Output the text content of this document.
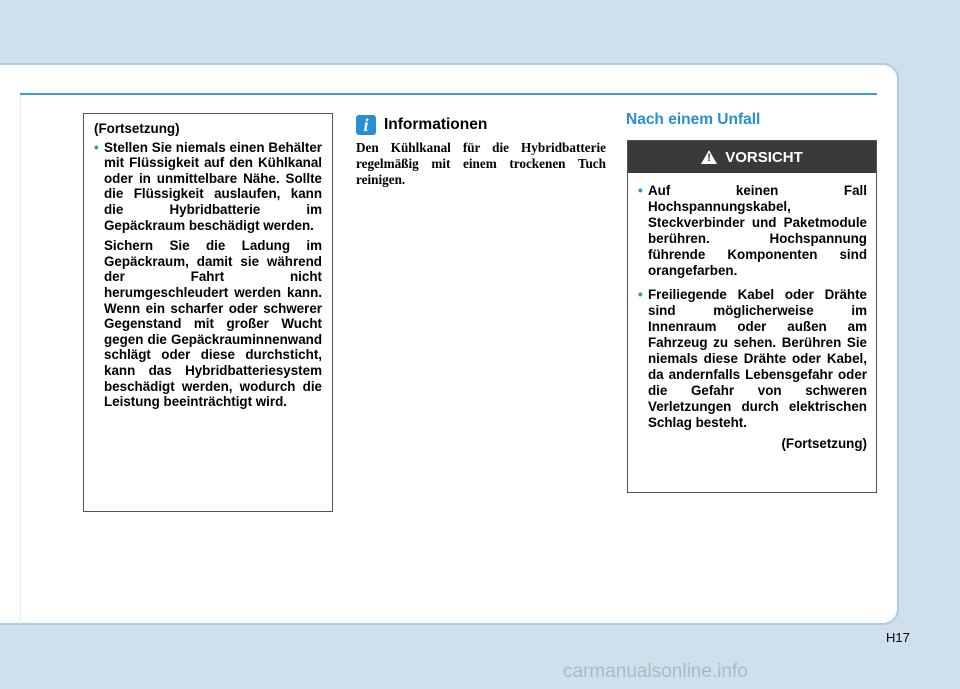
(Fortsetzung)
• Stellen Sie niemals einen Behälter mit Flüssigkeit auf den Kühlkanal oder in unmittelbare Nähe. Sollte die Flüssigkeit auslaufen, kann die Hybridbatterie im Gepäckraum beschädigt werden.
Sichern Sie die Ladung im Gepäckraum, damit sie während der Fahrt nicht herumgeschleudert werden kann. Wenn ein scharfer oder schwerer Gegenstand mit großer Wucht gegen die Gepäckrauminnenwand schlägt oder diese durchsticht, kann das Hybridbatteriesystem beschädigt werden, wodurch die Leistung beeinträchtigt wird.
i	Informationen
Den Kühlkanal für die Hybridbatterie regelmäßig mit einem trockenen Tuch reinigen.
Nach einem Unfall
! VORSICHT
• Auf keinen Fall Hochspannungskabel, Steckverbinder und Paketmodule berühren. Hochspannung führende Komponenten sind orangefarben.
• Freiliegende Kabel oder Drähte sind möglicherweise im Innenraum oder außen am Fahrzeug zu sehen. Berühren Sie niemals diese Drähte oder Kabel, da andernfalls Lebensgefahr oder die Gefahr von schweren Verletzungen durch elektrischen Schlag besteht.
(Fortsetzung)
H17
carmanualsonline.info
